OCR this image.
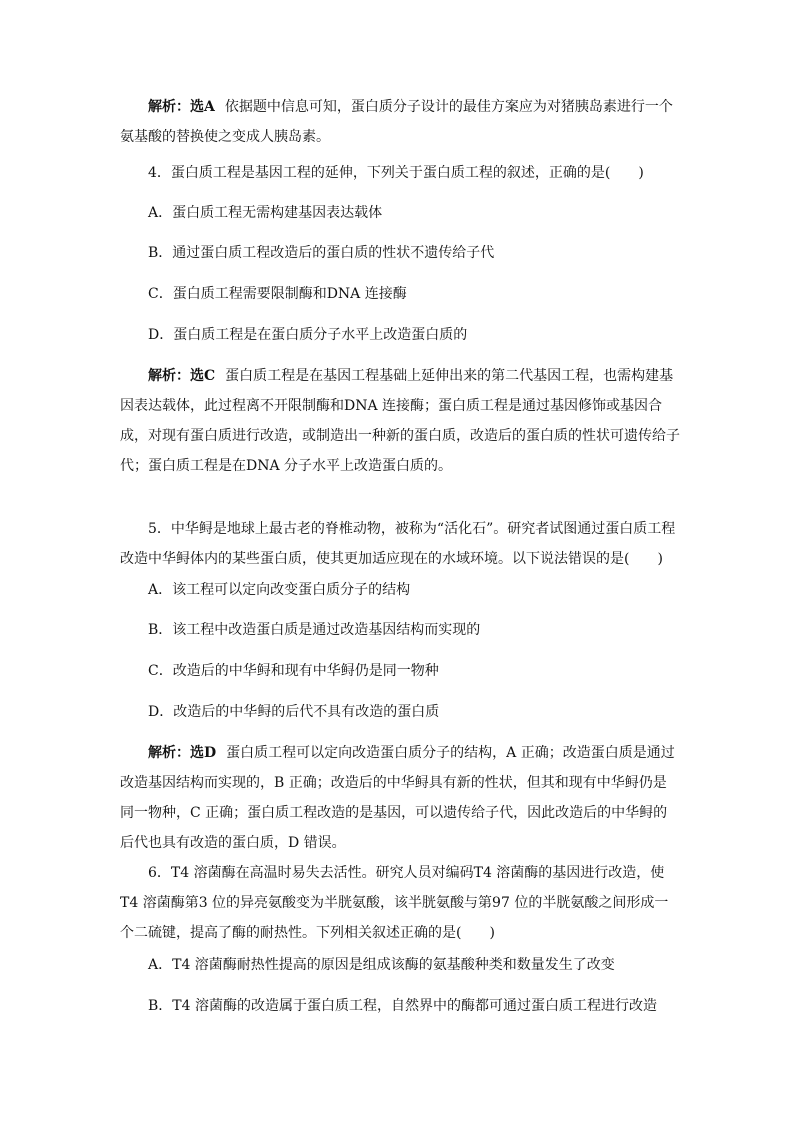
解析：选A 依据题中信息可知，蛋白质分子设计的最佳方案应为对猪胰岛素进行一个氨基酸的替换使之变成人胰岛素。

4．蛋白质工程是基因工程的延伸，下列关于蛋白质工程的叙述，正确的是(　　)

A．蛋白质工程无需构建基因表达载体

B．通过蛋白质工程改造后的蛋白质的性状不遗传给子代

C．蛋白质工程需要限制酶和DNA 连接酶

D．蛋白质工程是在蛋白质分子水平上改造蛋白质的

解析：选C 蛋白质工程是在基因工程基础上延伸出来的第二代基因工程，也需构建基因表达载体，此过程离不开限制酶和DNA 连接酶；蛋白质工程是通过基因修饰或基因合成，对现有蛋白质进行改造，或制造出一种新的蛋白质，改造后的蛋白质的性状可遗传给子代；蛋白质工程是在DNA 分子水平上改造蛋白质的。

5．中华鲟是地球上最古老的脊椎动物，被称为“活化石”。研究者试图通过蛋白质工程改造中华鲟体内的某些蛋白质，使其更加适应现在的水域环境。以下说法错误的是(　　)

A．该工程可以定向改变蛋白质分子的结构

B．该工程中改造蛋白质是通过改造基因结构而实现的

C．改造后的中华鲟和现有中华鲟仍是同一物种

D．改造后的中华鲟的后代不具有改造的蛋白质

解析：选D 蛋白质工程可以定向改造蛋白质分子的结构，A 正确；改造蛋白质是通过改造基因结构而实现的，B 正确；改造后的中华鲟具有新的性状，但其和现有中华鲟仍是同一物种，C 正确；蛋白质工程改造的是基因，可以遗传给子代，因此改造后的中华鲟的后代也具有改造的蛋白质，D 错误。

6．T4 溶菌酶在高温时易失去活性。研究人员对编码T4 溶菌酶的基因进行改造，使T4 溶菌酶第3 位的异亮氨酸变为半胱氨酸，该半胱氨酸与第97 位的半胱氨酸之间形成一个二硫键，提高了酶的耐热性。下列相关叙述正确的是(　　)

A．T4 溶菌酶耐热性提高的原因是组成该酶的氨基酸种类和数量发生了改变

B．T4 溶菌酶的改造属于蛋白质工程，自然界中的酶都可通过蛋白质工程进行改造
